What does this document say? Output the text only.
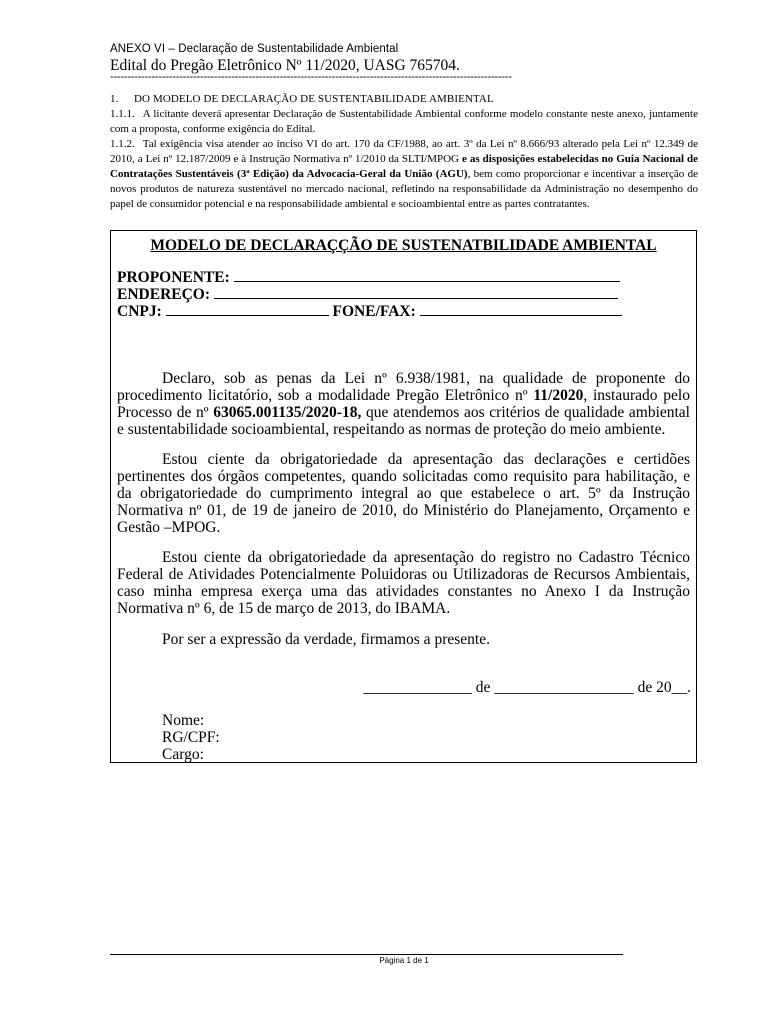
ANEXO VI – Declaração de Sustentabilidade Ambiental
Edital do Pregão Eletrônico Nº 11/2020, UASG 765704.
--------------------------------------------------------------------------------------------------------------------
1. DO MODELO DE DECLARAÇÃO DE SUSTENTABILIDADE AMBIENTAL
1.1.1. A licitante deverá apresentar Declaração de Sustentabilidade Ambiental conforme modelo constante neste anexo, juntamente com a proposta, conforme exigência do Edital.
1.1.2. Tal exigência visa atender ao inciso VI do art. 170 da CF/1988, ao art. 3º da Lei nº 8.666/93 alterado pela Lei nº 12.349 de 2010, a Lei nº 12.187/2009 e à Instrução Normativa nº 1/2010 da SLTI/MPOG e as disposições estabelecidas no Guia Nacional de Contratações Sustentáveis (3ª Edição) da Advocacia-Geral da União (AGU), bem como proporcionar e incentivar a inserção de novos produtos de natureza sustentável no mercado nacional, refletindo na responsabilidade da Administração no desempenho do papel de consumidor potencial e na responsabilidade ambiental e socioambiental entre as partes contratantes.
MODELO DE DECLARAÇÇÃO DE SUSTENATBILIDADE AMBIENTAL
PROPONENTE:
ENDEREÇO:
CNPJ:	FONE/FAX:
Declaro, sob as penas da Lei nº 6.938/1981, na qualidade de proponente do procedimento licitatório, sob a modalidade Pregão Eletrônico nº 11/2020, instaurado pelo Processo de nº 63065.001135/2020-18, que atendemos aos critérios de qualidade ambiental e sustentabilidade socioambiental, respeitando as normas de proteção do meio ambiente.
Estou ciente da obrigatoriedade da apresentação das declarações e certidões pertinentes dos órgãos competentes, quando solicitadas como requisito para habilitação, e da obrigatoriedade do cumprimento integral ao que estabelece o art. 5º da Instrução Normativa nº 01, de 19 de janeiro de 2010, do Ministério do Planejamento, Orçamento e Gestão –MPOG.
Estou ciente da obrigatoriedade da apresentação do registro no Cadastro Técnico Federal de Atividades Potencialmente Poluidoras ou Utilizadoras de Recursos Ambientais, caso minha empresa exerça uma das atividades constantes no Anexo I da Instrução Normativa nº 6, de 15 de março de 2013, do IBAMA.
Por ser a expressão da verdade, firmamos a presente.
______________ de __________________ de 20__.
Nome:
RG/CPF:
Cargo:
Página 1 de 1
